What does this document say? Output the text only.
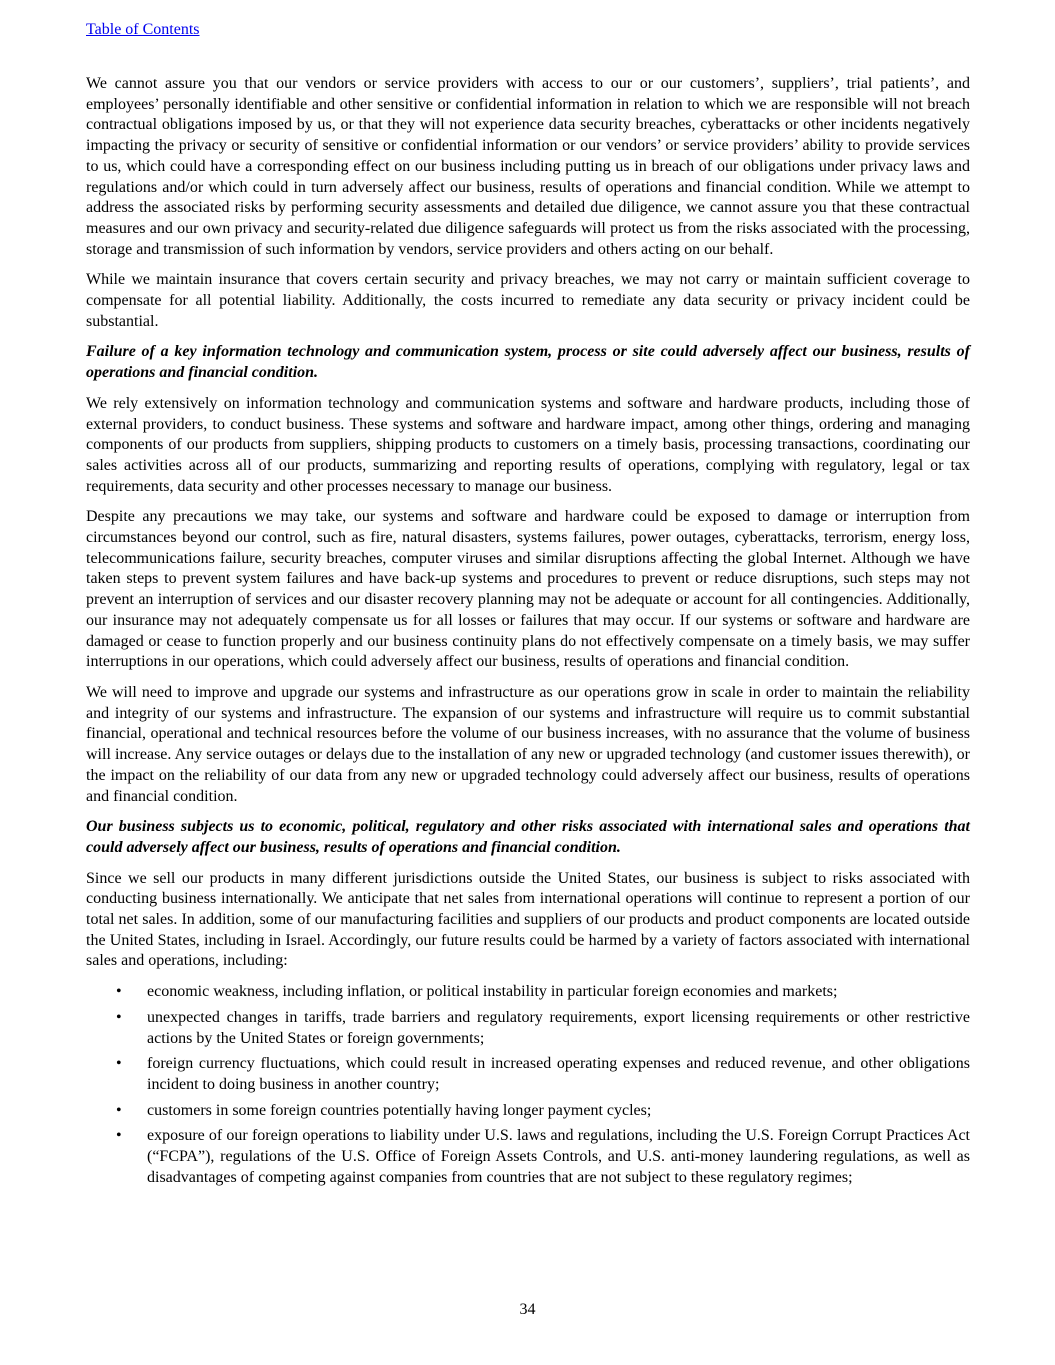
Table of Contents

We cannot assure you that our vendors or service providers with access to our or our customers’, suppliers’, trial patients’, and employees’ personally identifiable and other sensitive or confidential information in relation to which we are responsible will not breach contractual obligations imposed by us, or that they will not experience data security breaches, cyberattacks or other incidents negatively impacting the privacy or security of sensitive or confidential information or our vendors’ or service providers’ ability to provide services to us, which could have a corresponding effect on our business including putting us in breach of our obligations under privacy laws and regulations and/or which could in turn adversely affect our business, results of operations and financial condition. While we attempt to address the associated risks by performing security assessments and detailed due diligence, we cannot assure you that these contractual measures and our own privacy and security-related due diligence safeguards will protect us from the risks associated with the processing, storage and transmission of such information by vendors, service providers and others acting on our behalf.

While we maintain insurance that covers certain security and privacy breaches, we may not carry or maintain sufficient coverage to compensate for all potential liability. Additionally, the costs incurred to remediate any data security or privacy incident could be substantial.

Failure of a key information technology and communication system, process or site could adversely affect our business, results of operations and financial condition.

We rely extensively on information technology and communication systems and software and hardware products, including those of external providers, to conduct business. These systems and software and hardware impact, among other things, ordering and managing components of our products from suppliers, shipping products to customers on a timely basis, processing transactions, coordinating our sales activities across all of our products, summarizing and reporting results of operations, complying with regulatory, legal or tax requirements, data security and other processes necessary to manage our business.

Despite any precautions we may take, our systems and software and hardware could be exposed to damage or interruption from circumstances beyond our control, such as fire, natural disasters, systems failures, power outages, cyberattacks, terrorism, energy loss, telecommunications failure, security breaches, computer viruses and similar disruptions affecting the global Internet. Although we have taken steps to prevent system failures and have back-up systems and procedures to prevent or reduce disruptions, such steps may not prevent an interruption of services and our disaster recovery planning may not be adequate or account for all contingencies. Additionally, our insurance may not adequately compensate us for all losses or failures that may occur. If our systems or software and hardware are damaged or cease to function properly and our business continuity plans do not effectively compensate on a timely basis, we may suffer interruptions in our operations, which could adversely affect our business, results of operations and financial condition.

We will need to improve and upgrade our systems and infrastructure as our operations grow in scale in order to maintain the reliability and integrity of our systems and infrastructure. The expansion of our systems and infrastructure will require us to commit substantial financial, operational and technical resources before the volume of our business increases, with no assurance that the volume of business will increase. Any service outages or delays due to the installation of any new or upgraded technology (and customer issues therewith), or the impact on the reliability of our data from any new or upgraded technology could adversely affect our business, results of operations and financial condition.

Our business subjects us to economic, political, regulatory and other risks associated with international sales and operations that could adversely affect our business, results of operations and financial condition.

Since we sell our products in many different jurisdictions outside the United States, our business is subject to risks associated with conducting business internationally. We anticipate that net sales from international operations will continue to represent a portion of our total net sales. In addition, some of our manufacturing facilities and suppliers of our products and product components are located outside the United States, including in Israel. Accordingly, our future results could be harmed by a variety of factors associated with international sales and operations, including:

• economic weakness, including inflation, or political instability in particular foreign economies and markets;
• unexpected changes in tariffs, trade barriers and regulatory requirements, export licensing requirements or other restrictive actions by the United States or foreign governments;
• foreign currency fluctuations, which could result in increased operating expenses and reduced revenue, and other obligations incident to doing business in another country;
• customers in some foreign countries potentially having longer payment cycles;
• exposure of our foreign operations to liability under U.S. laws and regulations, including the U.S. Foreign Corrupt Practices Act (“FCPA”), regulations of the U.S. Office of Foreign Assets Controls, and U.S. anti-money laundering regulations, as well as disadvantages of competing against companies from countries that are not subject to these regulatory regimes;
34
